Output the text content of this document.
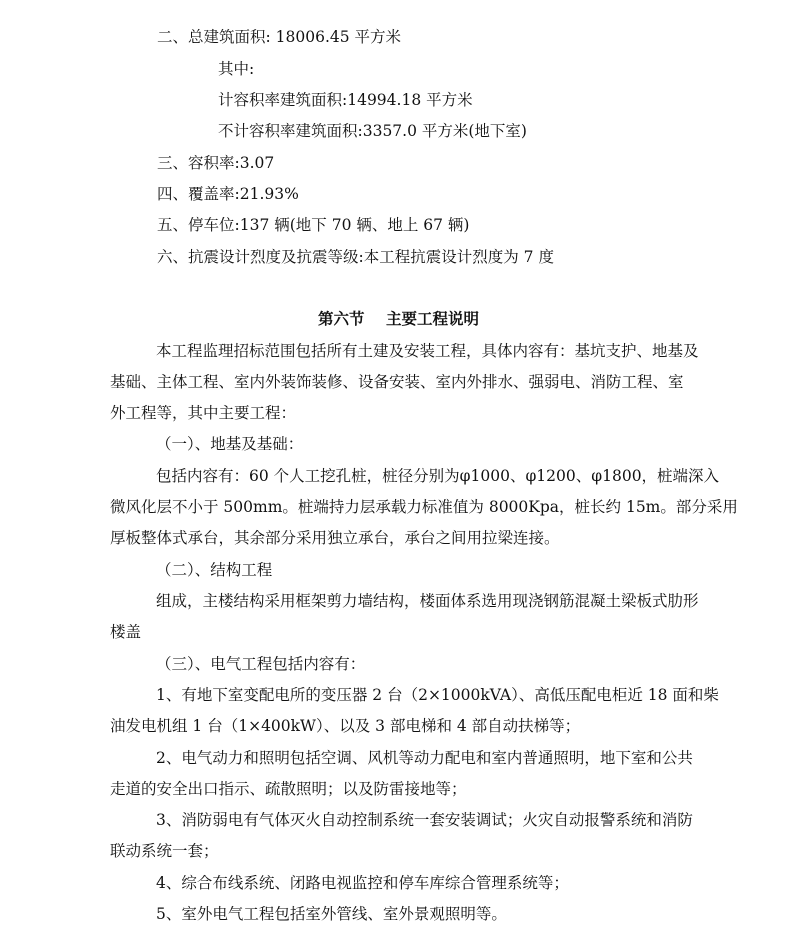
二、总建筑面积: 18006.45 平方米
其中:
计容积率建筑面积:14994.18 平方米
不计容积率建筑面积:3357.0 平方米(地下室)
三、容积率:3.07
四、覆盖率:21.93%
五、停车位:137 辆(地下 70 辆、地上 67 辆)
六、抗震设计烈度及抗震等级:本工程抗震设计烈度为 7 度
第六节    主要工程说明
本工程监理招标范围包括所有土建及安装工程，具体内容有：基坑支护、地基及
基础、主体工程、室内外装饰装修、设备安装、室内外排水、强弱电、消防工程、室
外工程等，其中主要工程：
（一）、地基及基础：
包括内容有：60 个人工挖孔桩，桩径分别为φ1000、φ1200、φ1800，桩端深入
微风化层不小于 500mm。桩端持力层承载力标准值为 8000Kpa，桩长约 15m。部分采用
厚板整体式承台，其余部分采用独立承台，承台之间用拉梁连接。
（二）、结构工程
组成，主楼结构采用框架剪力墙结构，楼面体系选用现浇钢筋混凝土梁板式肋形
楼盖
（三）、电气工程包括内容有：
1、有地下室变配电所的变压器 2 台（2×1000kVA）、高低压配电柜近 18 面和柴
油发电机组 1 台（1×400kW）、以及 3 部电梯和 4 部自动扶梯等；
2、电气动力和照明包括空调、风机等动力配电和室内普通照明，地下室和公共
走道的安全出口指示、疏散照明；以及防雷接地等；
3、消防弱电有气体灭火自动控制系统一套安装调试；火灾自动报警系统和消防
联动系统一套；
4、综合布线系统、闭路电视监控和停车库综合管理系统等；
5、室外电气工程包括室外管线、室外景观照明等。
